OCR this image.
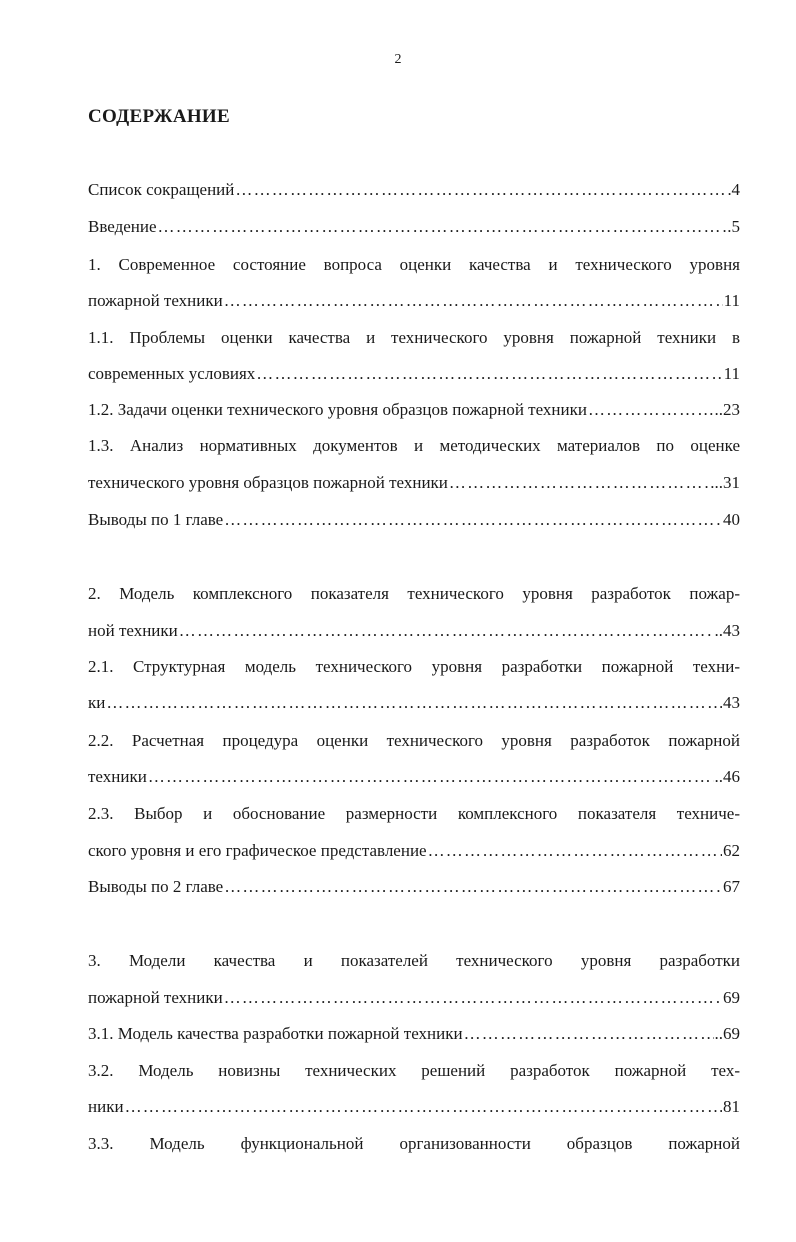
2
СОДЕРЖАНИЕ
Список сокращений …………………………………………………………………………………………………………………………………………………………………………	4
Введение …………………………………………………………………………………………………………………………………………………………………………	.5
1. Современное состояние вопроса оценки качества и технического уровня
пожарной техники …………………………………………………………………………………………………………………………………………………………………………	11
1.1. Проблемы оценки качества и технического уровня пожарной техники в
современных условиях …………………………………………………………………………………………………………………………………………………………………………	11
1.2. Задачи оценки технического уровня образцов пожарной техники …………………………………………………………………………………………………………………………………………………………………………	..23
1.3. Анализ нормативных документов и методических материалов по оценке
технического уровня образцов пожарной техники …………………………………………………………………………………………………………………………………………………………………………	...31
Выводы по 1 главе …………………………………………………………………………………………………………………………………………………………………………	40
2. Модель комплексного показателя технического уровня разработок пожар-
ной техники …………………………………………………………………………………………………………………………………………………………………………	..43
2.1. Структурная модель технического уровня разработки пожарной техни-
ки …………………………………………………………………………………………………………………………………………………………………………	43
2.2. Расчетная процедура оценки технического уровня разработок пожарной
техники …………………………………………………………………………………………………………………………………………………………………………	..46
2.3. Выбор и обоснование размерности комплексного показателя техниче-
ского уровня и его графическое представление …………………………………………………………………………………………………………………………………………………………………………	62
Выводы по 2 главе …………………………………………………………………………………………………………………………………………………………………………	67
3. Модели качества и показателей технического уровня разработки
пожарной техники …………………………………………………………………………………………………………………………………………………………………………	69
3.1. Модель качества разработки пожарной техники …………………………………………………………………………………………………………………………………………………………………………	..69
3.2. Модель новизны технических решений разработок пожарной тех-
ники …………………………………………………………………………………………………………………………………………………………………………	81
3.3. Модель функциональной организованности образцов пожарной
